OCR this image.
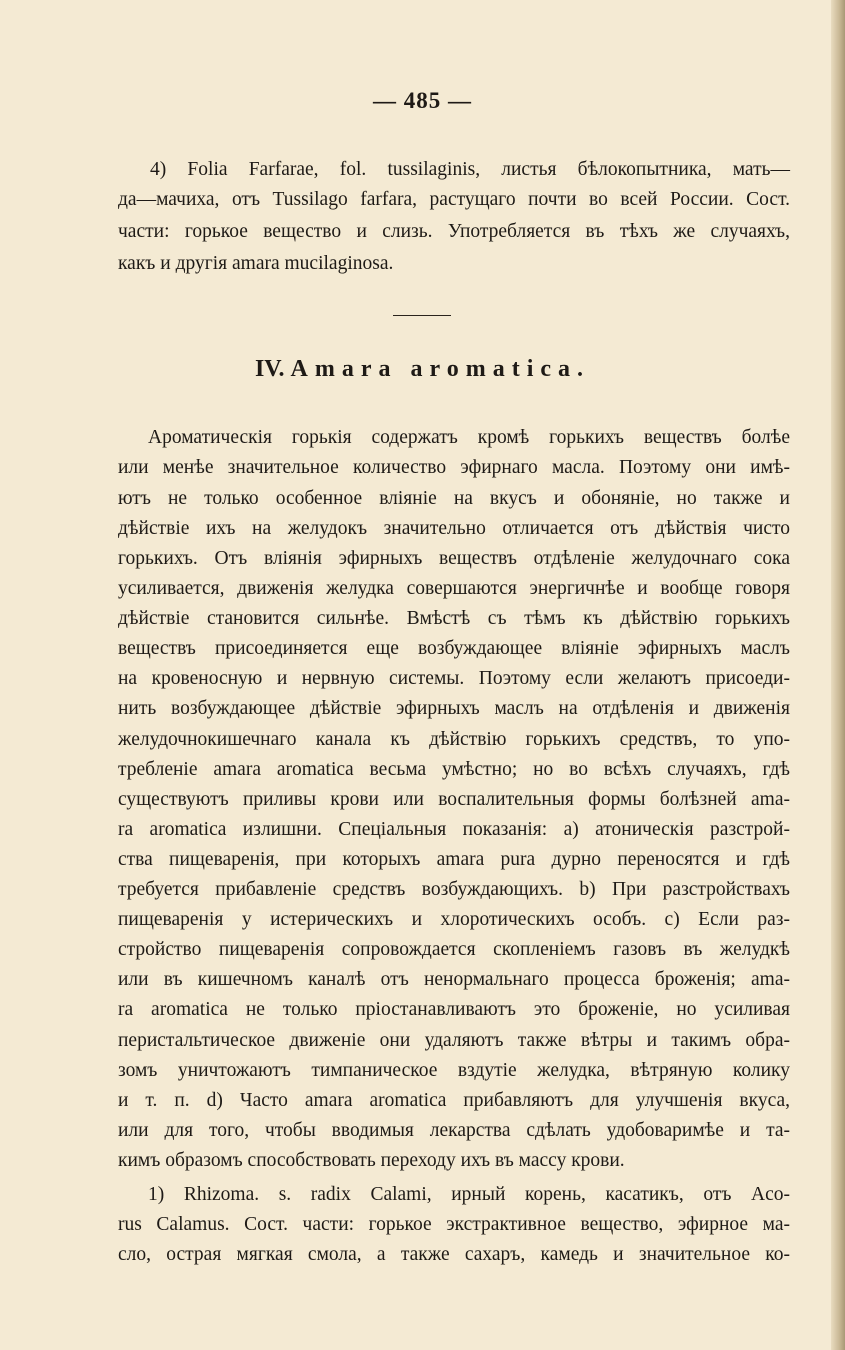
— 485 —
4) Folia Farfarae, fol. tussilaginis, листья бѣлокопытника, мать—
да—мачиха, отъ Tussilago farfara, растущаго почти во всей России. Сост.
части: горькое вещество и слизь. Употребляется въ тѣхъ же случаяхъ,
какъ и другія amara mucilaginosa.
IV. Amara aromatica.
Ароматическія горькія содержатъ кромѣ горькихъ веществъ болѣе
или менѣе значительное количество эфирнаго масла. Поэтому они имѣ-
ютъ не только особенное вліяніе на вкусъ и обоняніе, но также и
дѣйствіе ихъ на желудокъ значительно отличается отъ дѣйствія чисто
горькихъ. Отъ вліянія эфирныхъ веществъ отдѣленіе желудочнаго сока
усиливается, движенія желудка совершаются энергичнѣе и вообще говоря
дѣйствіе становится сильнѣе. Вмѣстѣ съ тѣмъ къ дѣйствію горькихъ
веществъ присоединяется еще возбуждающее вліяніе эфирныхъ маслъ
на кровеносную и нервную системы. Поэтому если желаютъ присоеди-
нить возбуждающее дѣйствіе эфирныхъ маслъ на отдѣленія и движенія
желудочнокишечнаго канала къ дѣйствію горькихъ средствъ, то упо-
требленіе amara aromatica весьма умѣстно; но во всѣхъ случаяхъ, гдѣ
существуютъ приливы крови или воспалительныя формы болѣзней ama-
ra aromatica излишни. Спеціальныя показанія: a) атоническія разстрой-
ства пищеваренія, при которыхъ amara pura дурно переносятся и гдѣ
требуется прибавленіе средствъ возбуждающихъ. b) При разстройствахъ
пищеваренія у истерическихъ и хлоротическихъ особъ. c) Если раз-
стройство пищеваренія сопровождается скопленіемъ газовъ въ желудкѣ
или въ кишечномъ каналѣ отъ ненормальнаго процесса броженія; ama-
ra aromatica не только пріостанавливаютъ это броженіе, но усиливая
перистальтическое движеніе они удаляютъ также вѣтры и такимъ обра-
зомъ уничтожаютъ тимпаническое вздутіе желудка, вѣтряную колику
и т. п. d) Часто amara aromatica прибавляютъ для улучшенія вкуса,
или для того, чтобы вводимыя лекарства сдѣлать удобоваримѣе и та-
кимъ образомъ способствовать переходу ихъ въ массу крови.
1) Rhizoma. s. radix Calami, ирный корень, касатикъ, отъ Aco-
rus Calamus. Сост. части: горькое экстрактивное вещество, эфирное ма-
сло, острая мягкая смола, а также сахаръ, камедь и значительное ко-
